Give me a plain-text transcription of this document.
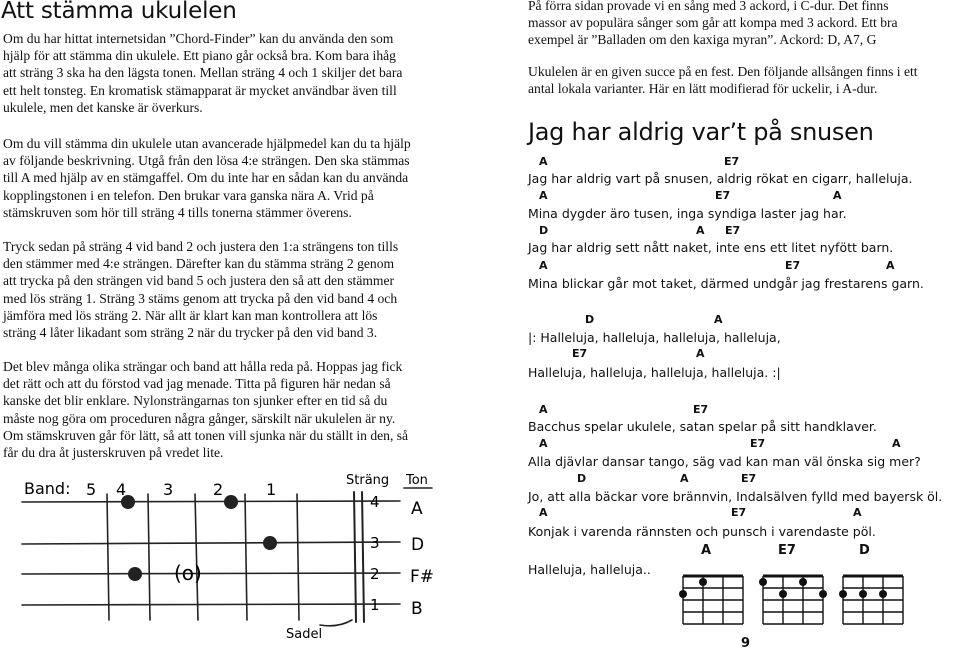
Att stämma ukulelen

Om du har hittat internetsidan ”Chord-Finder” kan du använda den som
hjälp för att stämma din ukulele. Ett piano går också bra. Kom bara ihåg
att sträng 3 ska ha den lägsta tonen. Mellan sträng 4 och 1 skiljer det bara
ett helt tonsteg. En kromatisk stämapparat är mycket användbar även till
ukulele, men det kanske är överkurs.

Om du vill stämma din ukulele utan avancerade hjälpmedel kan du ta hjälp
av följande beskrivning. Utgå från den lösa 4:e strängen. Den ska stämmas
till A med hjälp av en stämgaffel. Om du inte har en sådan kan du använda
kopplingstonen i en telefon. Den brukar vara ganska nära A. Vrid på
stämskruven som hör till sträng 4 tills tonerna stämmer överens.

Tryck sedan på sträng 4 vid band 2 och justera den 1:a strängens ton tills
den stämmer med 4:e strängen. Därefter kan du stämma sträng 2 genom
att trycka på den strängen vid band 5 och justera den så att den stämmer
med lös sträng 1. Sträng 3 stäms genom att trycka på den vid band 4 och
jämföra med lös sträng 2. När allt är klart kan man kontrollera att lös
sträng 4 låter likadant som sträng 2 när du trycker på den vid band 3.

Det blev många olika strängar och band att hålla reda på. Hoppas jag fick
det rätt och att du förstod vad jag menade. Titta på figuren här nedan så
kanske det blir enklare. Nylonsträngarnas ton sjunker efter en tid så du
måste nog göra om proceduren några gånger, särskilt när ukulelen är ny.
Om stämskruven går för lätt, så att tonen vill sjunka när du ställt in den, så
får du dra åt justerskruven på vredet lite.

Band: 5 4 3 2	1
(o)
Sträng Ton
4
3
2
1
A
D
F#
B
Sadel

På förra sidan provade vi en sång med 3 ackord, i C-dur. Det finns
massor av populära sånger som går att kompa med 3 ackord. Ett bra
exempel är ”Balladen om den kaxiga myran”. Ackord: D, A7, G

Ukulelen är en given succe på en fest. Den följande allsången finns i ett
antal lokala varianter. Här en lätt modifierad för uckelir, i A-dur.

Jag har aldrig var’t på snusen
A	E7
Jag har aldrig vart på snusen, aldrig rökat en cigarr, halleluja.
A	E7	A
Mina dygder äro tusen, inga syndiga laster jag har.
D	A E7
Jag har aldrig sett nått naket, inte ens ett litet nyfött barn.
A	E7	A
Mina blickar går mot taket, därmed undgår jag frestarens garn.
D	A
|: Halleluja, halleluja, halleluja, halleluja,
E7	A
Halleluja, halleluja, halleluja, halleluja. :|
A	E7
Bacchus spelar ukulele, satan spelar på sitt handklaver.
A	E7	A
Alla djävlar dansar tango, säg vad kan man väl önska sig mer?
D	A	E7
Jo, att alla bäckar vore brännvin, Indalsälven fylld med bayersk öl.
A	E7	A
Konjak i varenda rännsten och punsch i varendaste pöl.
A	E7	D
Halleluja, halleluja..
9
